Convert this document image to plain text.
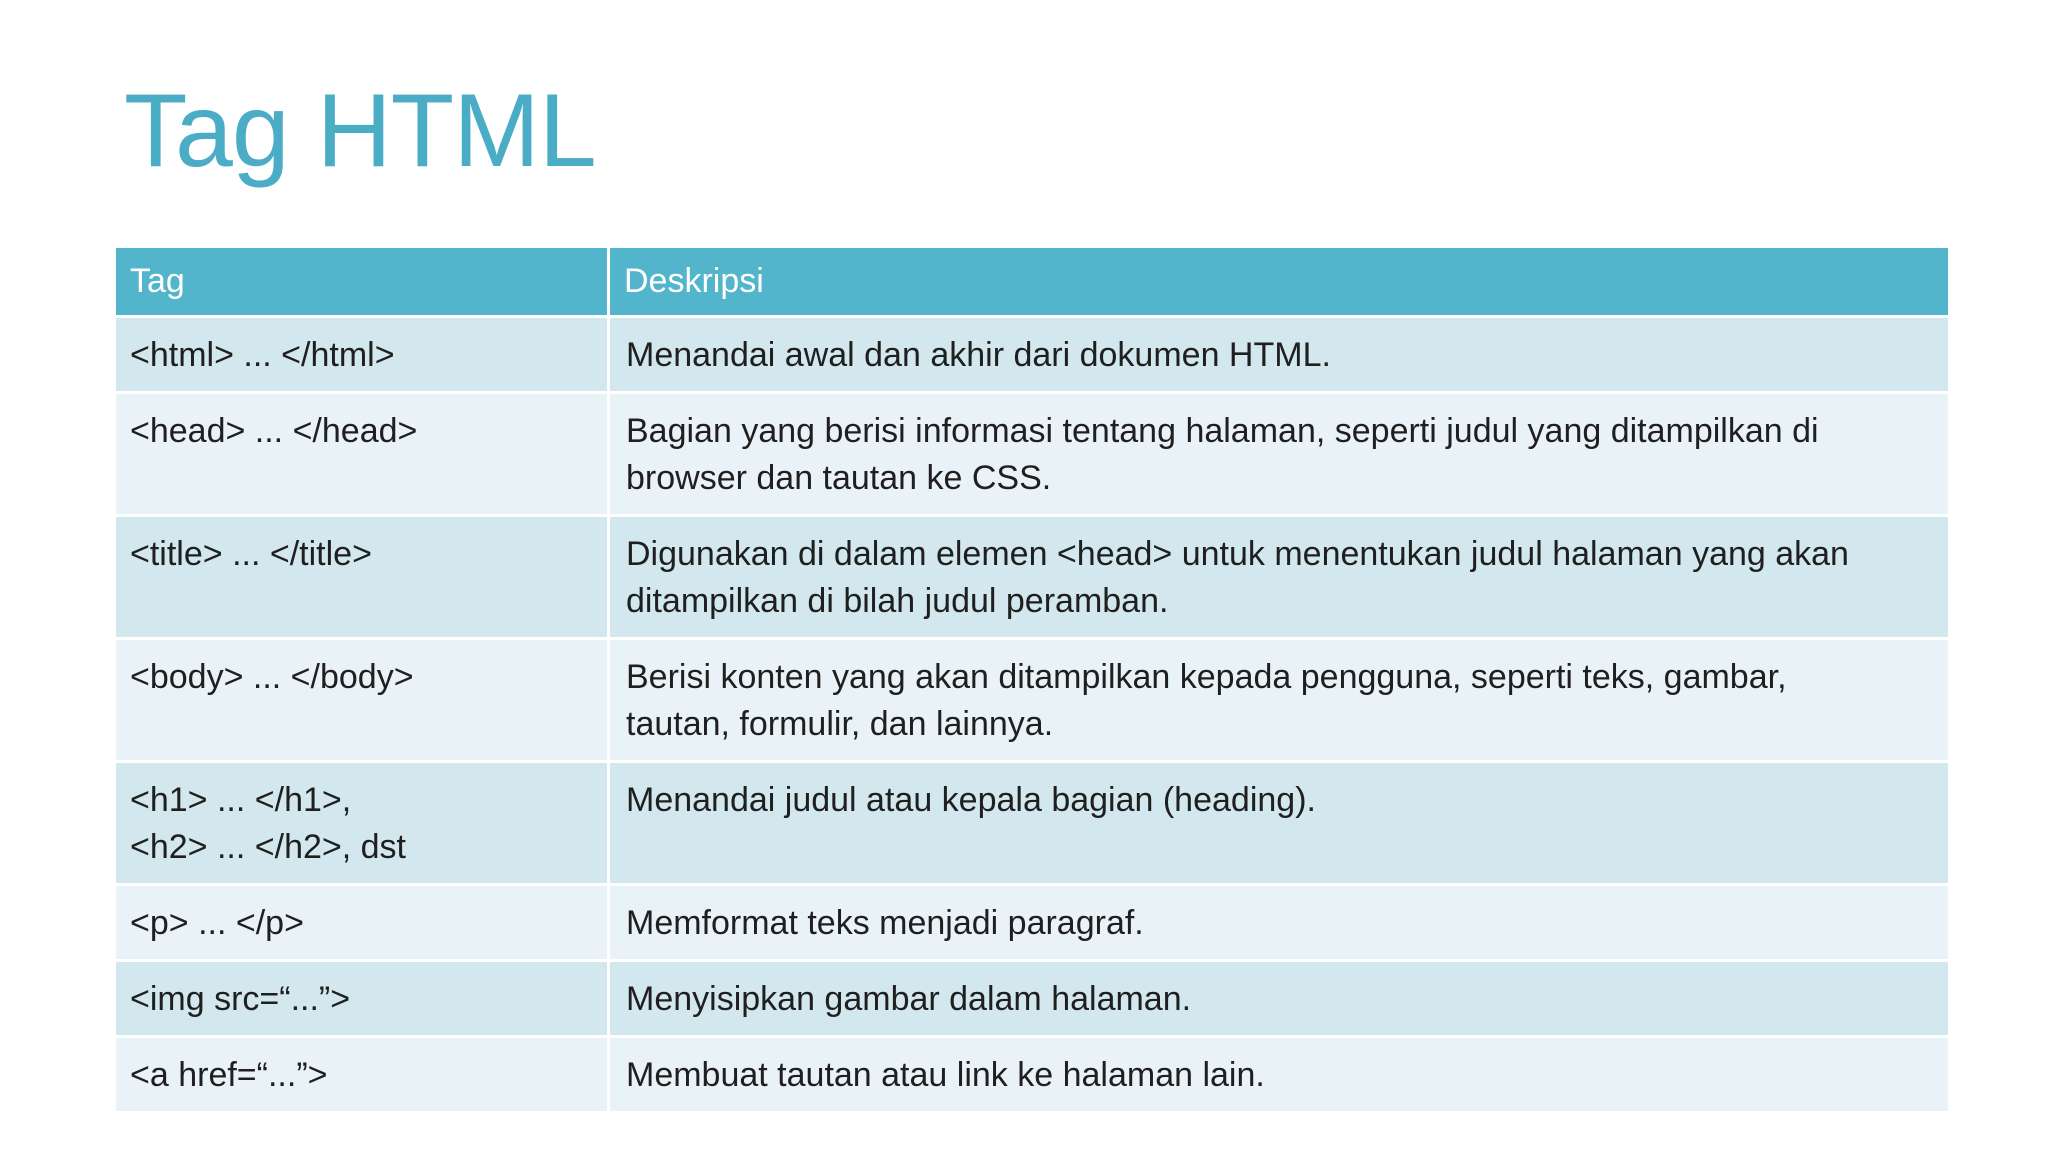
Tag HTML
Tag	Deskripsi
<html> ... </html>	Menandai awal dan akhir dari dokumen HTML.
<head> ... </head>	Bagian yang berisi informasi tentang halaman, seperti judul yang ditampilkan di
browser dan tautan ke CSS.
<title> ... </title>	Digunakan di dalam elemen <head> untuk menentukan judul halaman yang akan
ditampilkan di bilah judul peramban.
<body> ... </body>	Berisi konten yang akan ditampilkan kepada pengguna, seperti teks, gambar,
tautan, formulir, dan lainnya.
<h1> ... </h1>,
<h2> ... </h2>, dst	Menandai judul atau kepala bagian (heading).
<p> ... </p>	Memformat teks menjadi paragraf.
<img src=“...”>	Menyisipkan gambar dalam halaman.
<a href=“...”>	Membuat tautan atau link ke halaman lain.
